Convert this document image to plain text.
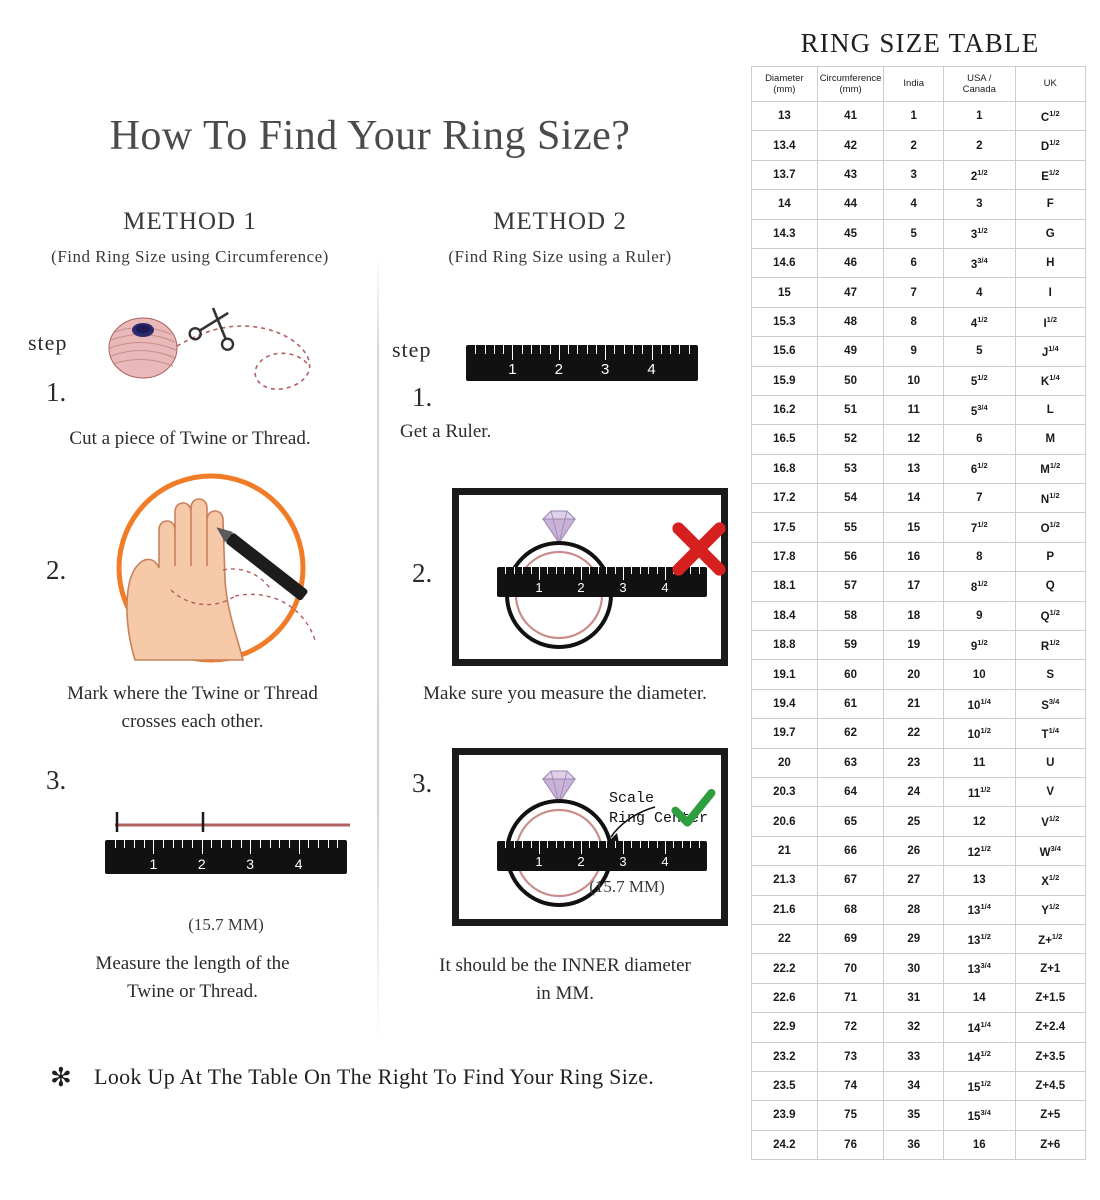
How To Find Your Ring Size?
METHOD 1
(Find Ring Size using Circumference)
step
1.
2.
3.
Cut a piece of Twine or Thread.
Mark where the Twine or Thread
crosses each other.
1	2	3	4
(15.7 MM)
Measure the length of the
Twine or Thread.
METHOD 2
(Find Ring Size using a Ruler)
step
1.
2.
3.
1	2	3	4
Get a Ruler.
1	2	3	4
Make sure you measure the diameter.
1	2	3	4
Scale
Ring Center
(15.7 MM)
It should be the INNER diameter
in MM.
✻ Look Up At The Table On The Right To Find Your Ring Size.
RING SIZE TABLE
Diameter
(mm)	Circumference
(mm)	India	USA /
Canada	UK
13	41	1	1	$C^{1/2}$
13.4	42	2	2	$D^{1/2}$
13.7	43	3	$2^{1/2}$	$E^{1/2}$
14	44	4	3	F
14.3	45	5	$3^{1/2}$	G
14.6	46	6	$3^{3/4}$	H
15	47	7	4	I
15.3	48	8	$4^{1/2}$	$I^{1/2}$
15.6	49	9	5	$J^{1/4}$
15.9	50	10	$5^{1/2}$	$K^{1/4}$
16.2	51	11	$5^{3/4}$	L
16.5	52	12	6	M
16.8	53	13	$6^{1/2}$	$M^{1/2}$
17.2	54	14	7	$N^{1/2}$
17.5	55	15	$7^{1/2}$	$O^{1/2}$
17.8	56	16	8	P
18.1	57	17	$8^{1/2}$	Q
18.4	58	18	9	$Q^{1/2}$
18.8	59	19	$9^{1/2}$	$R^{1/2}$
19.1	60	20	10	S
19.4	61	21	$10^{1/4}$	$S^{3/4}$
19.7	62	22	$10^{1/2}$	$T^{1/4}$
20	63	23	11	U
20.3	64	24	$11^{1/2}$	V
20.6	65	25	12	$V^{1/2}$
21	66	26	$12^{1/2}$	$W^{3/4}$
21.3	67	27	13	$X^{1/2}$
21.6	68	28	$13^{1/4}$	$Y^{1/2}$
22	69	29	$13^{1/2}$	Z+$^{1/2}$
22.2	70	30	$13^{3/4}$	Z+1
22.6	71	31	14	Z+1.5
22.9	72	32	$14^{1/4}$	Z+2.4
23.2	73	33	$14^{1/2}$	Z+3.5
23.5	74	34	$15^{1/2}$	Z+4.5
23.9	75	35	$15^{3/4}$	Z+5
24.2	76	36	16	Z+6
